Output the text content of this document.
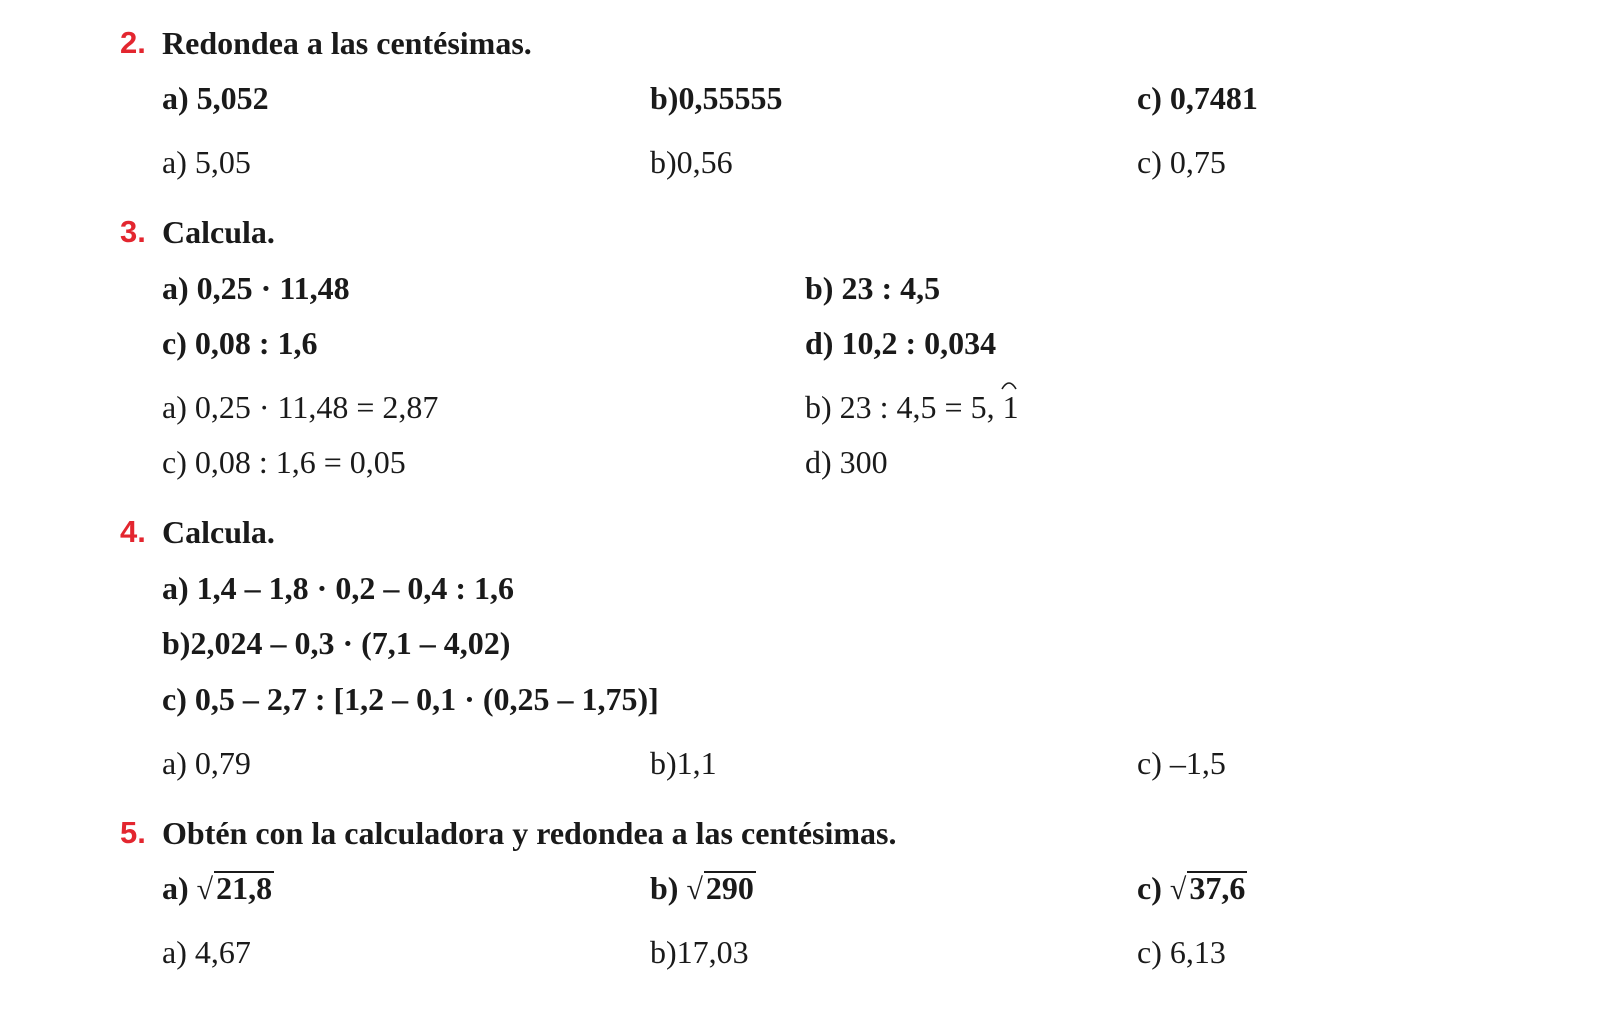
2. Redondea a las centésimas.
a) 5,052	b)0,55555	c) 0,7481
a) 5,05	b)0,56	c) 0,75
3. Calcula.
a) 0,25 · 11,48	b) 23 : 4,5
c) 0,08 : 1,6	d) 10,2 : 0,034
a) 0,25 · 11,48 = 2,87	b) 23 : 4,5 = 5, 1
c) 0,08 : 1,6 = 0,05	d) 300
4. Calcula.
a) 1,4 – 1,8 · 0,2 – 0,4 : 1,6
b)2,024 – 0,3 · (7,1 – 4,02)
c) 0,5 – 2,7 : [1,2 – 0,1 · (0,25 – 1,75)]
a) 0,79	b)1,1	c) –1,5
5. Obtén con la calculadora y redondea a las centésimas.
a) √21,8	b) √290	c) √37,6
a) 4,67	b)17,03	c) 6,13
